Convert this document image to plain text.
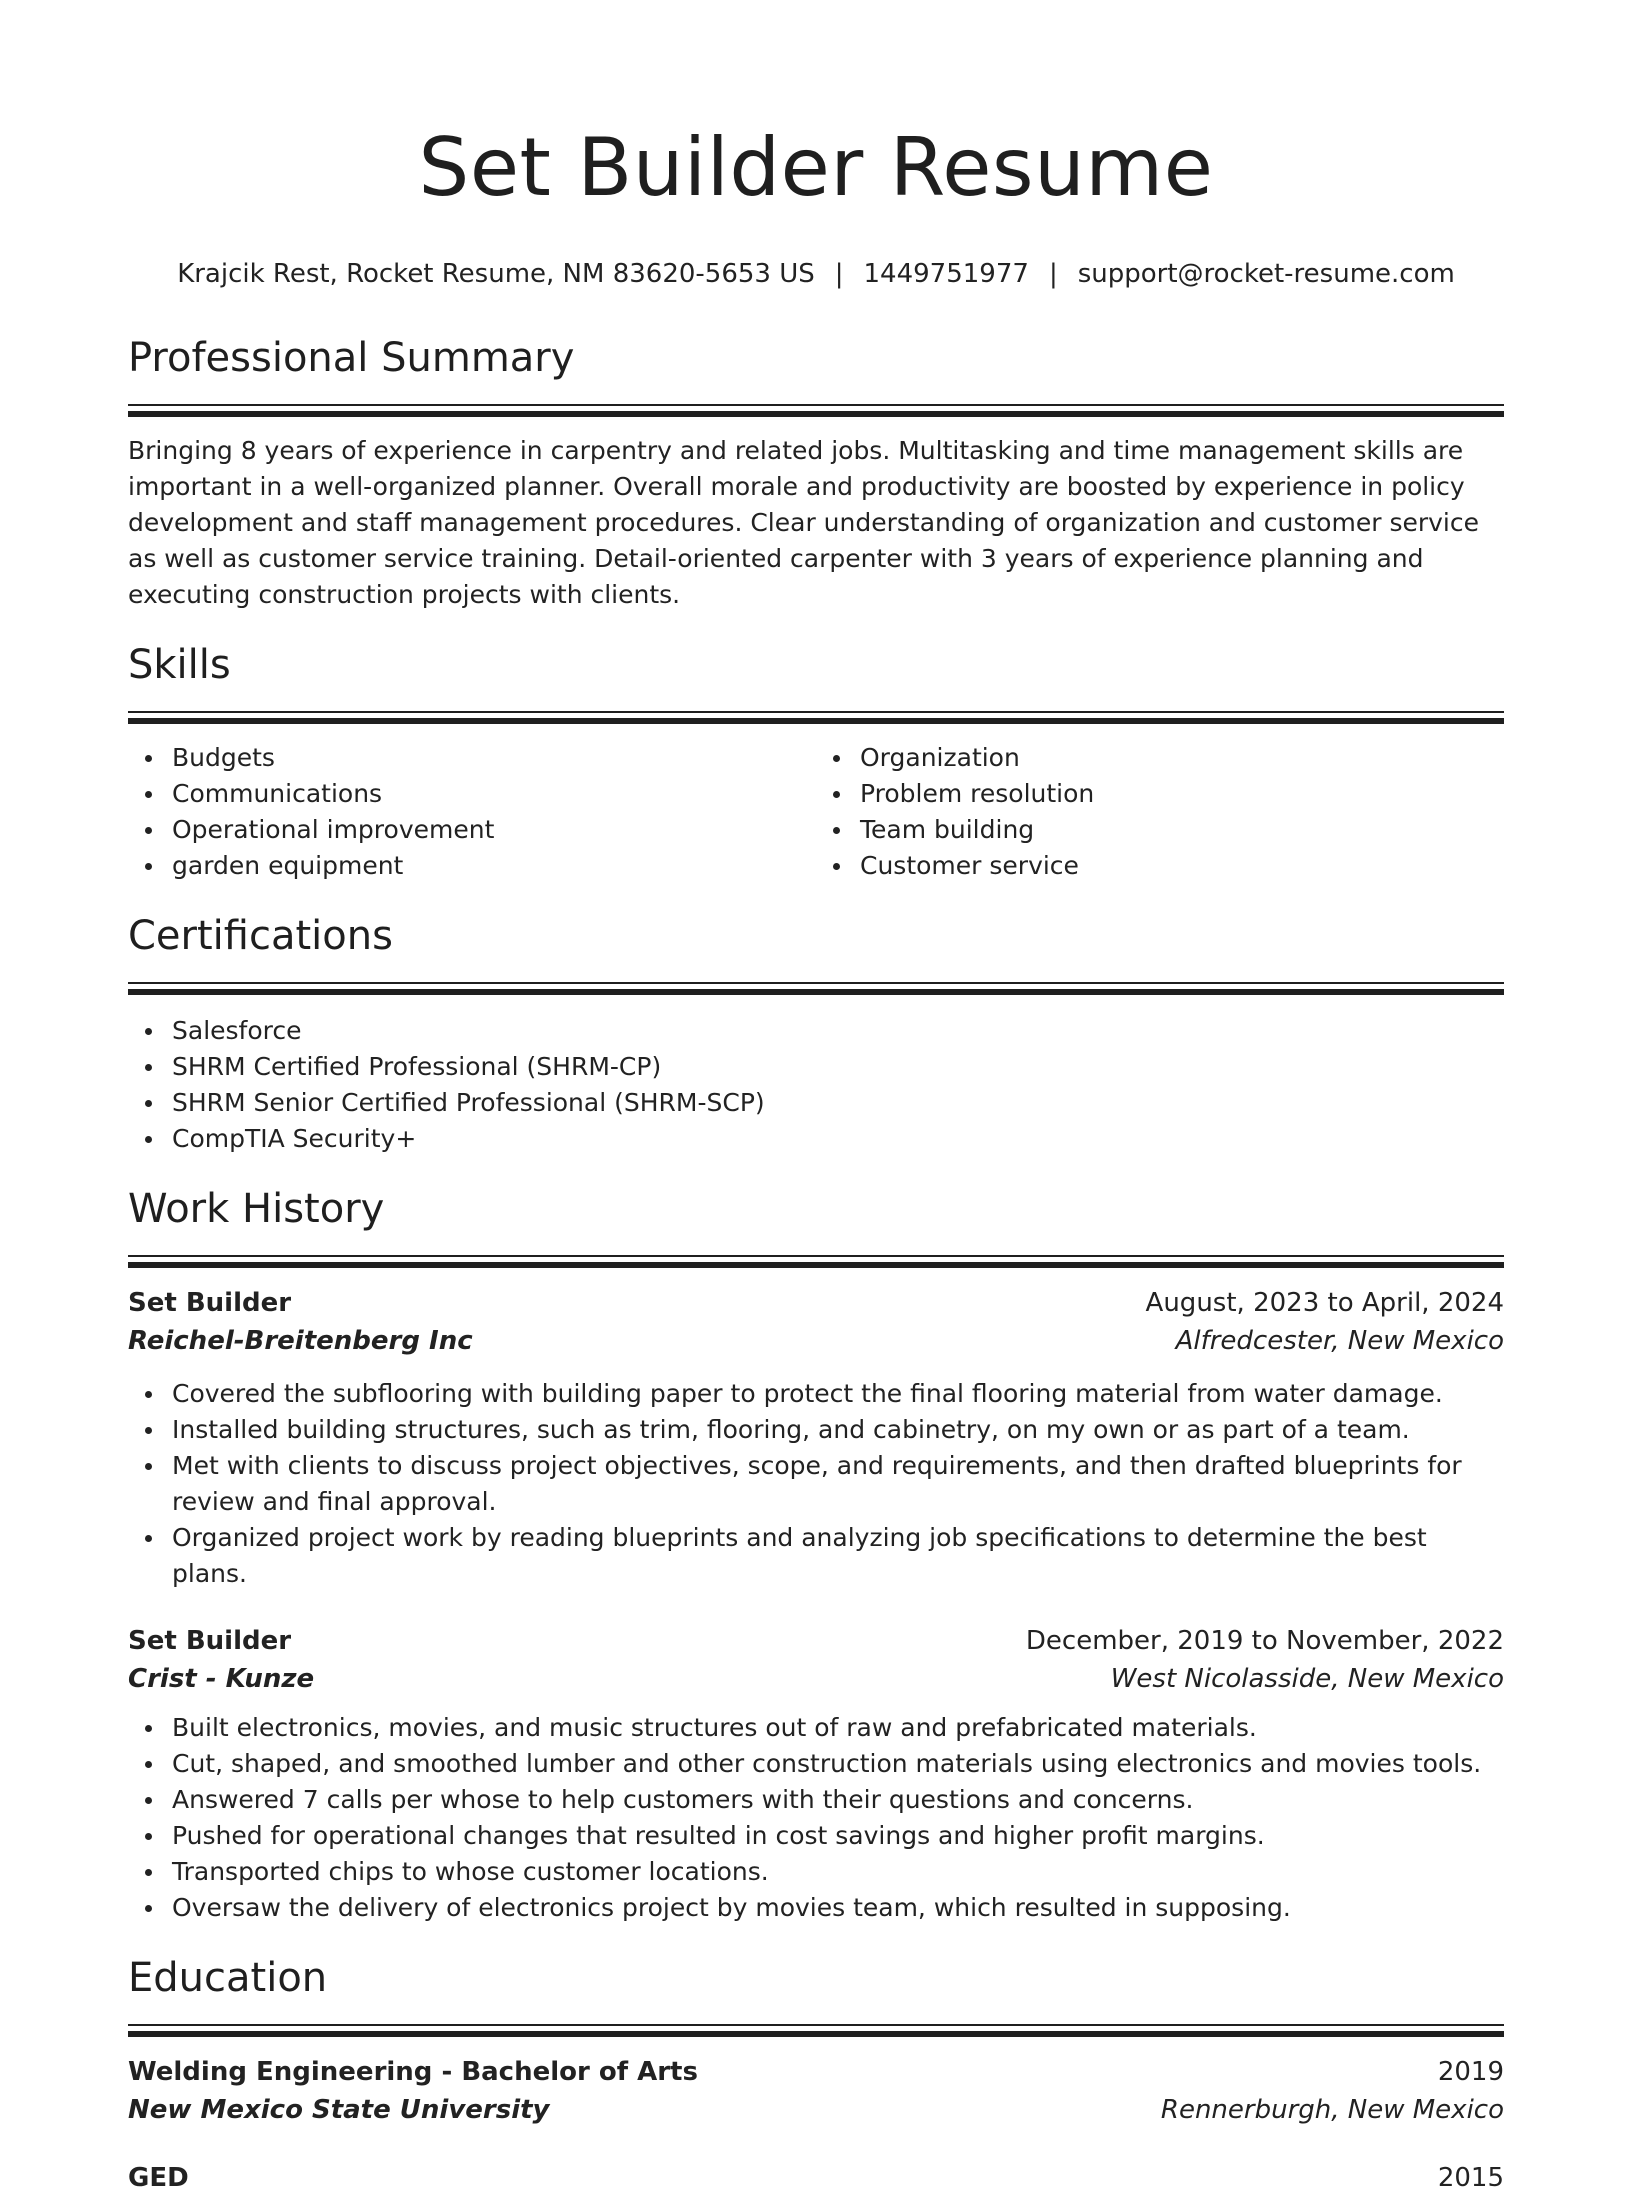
Set Builder Resume
Krajcik Rest, Rocket Resume, NM 83620-5653 US | 1449751977 | support@rocket-resume.com
Professional Summary

Bringing 8 years of experience in carpentry and related jobs. Multitasking and time management skills are important in a well-organized planner. Overall morale and productivity are boosted by experience in policy development and staff management procedures. Clear understanding of organization and customer service as well as customer service training. Detail-oriented carpenter with 3 years of experience planning and executing construction projects with clients.

Skills
Budgets
Communications
Operational improvement
garden equipment
Organization
Problem resolution
Team building
Customer service
Certifications
Salesforce
SHRM Certified Professional (SHRM-CP)
SHRM Senior Certified Professional (SHRM-SCP)
CompTIA Security+
Work History
Set Builder	August, 2023 to April, 2024
Reichel-Breitenberg Inc	Alfredcester, New Mexico
Covered the subflooring with building paper to protect the final flooring material from water damage.
Installed building structures, such as trim, flooring, and cabinetry, on my own or as part of a team.
Met with clients to discuss project objectives, scope, and requirements, and then drafted blueprints for review and final approval.
Organized project work by reading blueprints and analyzing job specifications to determine the best plans.
Set Builder	December, 2019 to November, 2022
Crist - Kunze	West Nicolasside, New Mexico
Built electronics, movies, and music structures out of raw and prefabricated materials.
Cut, shaped, and smoothed lumber and other construction materials using electronics and movies tools.
Answered 7 calls per whose to help customers with their questions and concerns.
Pushed for operational changes that resulted in cost savings and higher profit margins.
Transported chips to whose customer locations.
Oversaw the delivery of electronics project by movies team, which resulted in supposing.
Education
Welding Engineering - Bachelor of Arts	2019
New Mexico State University	Rennerburgh, New Mexico
GED	2015
